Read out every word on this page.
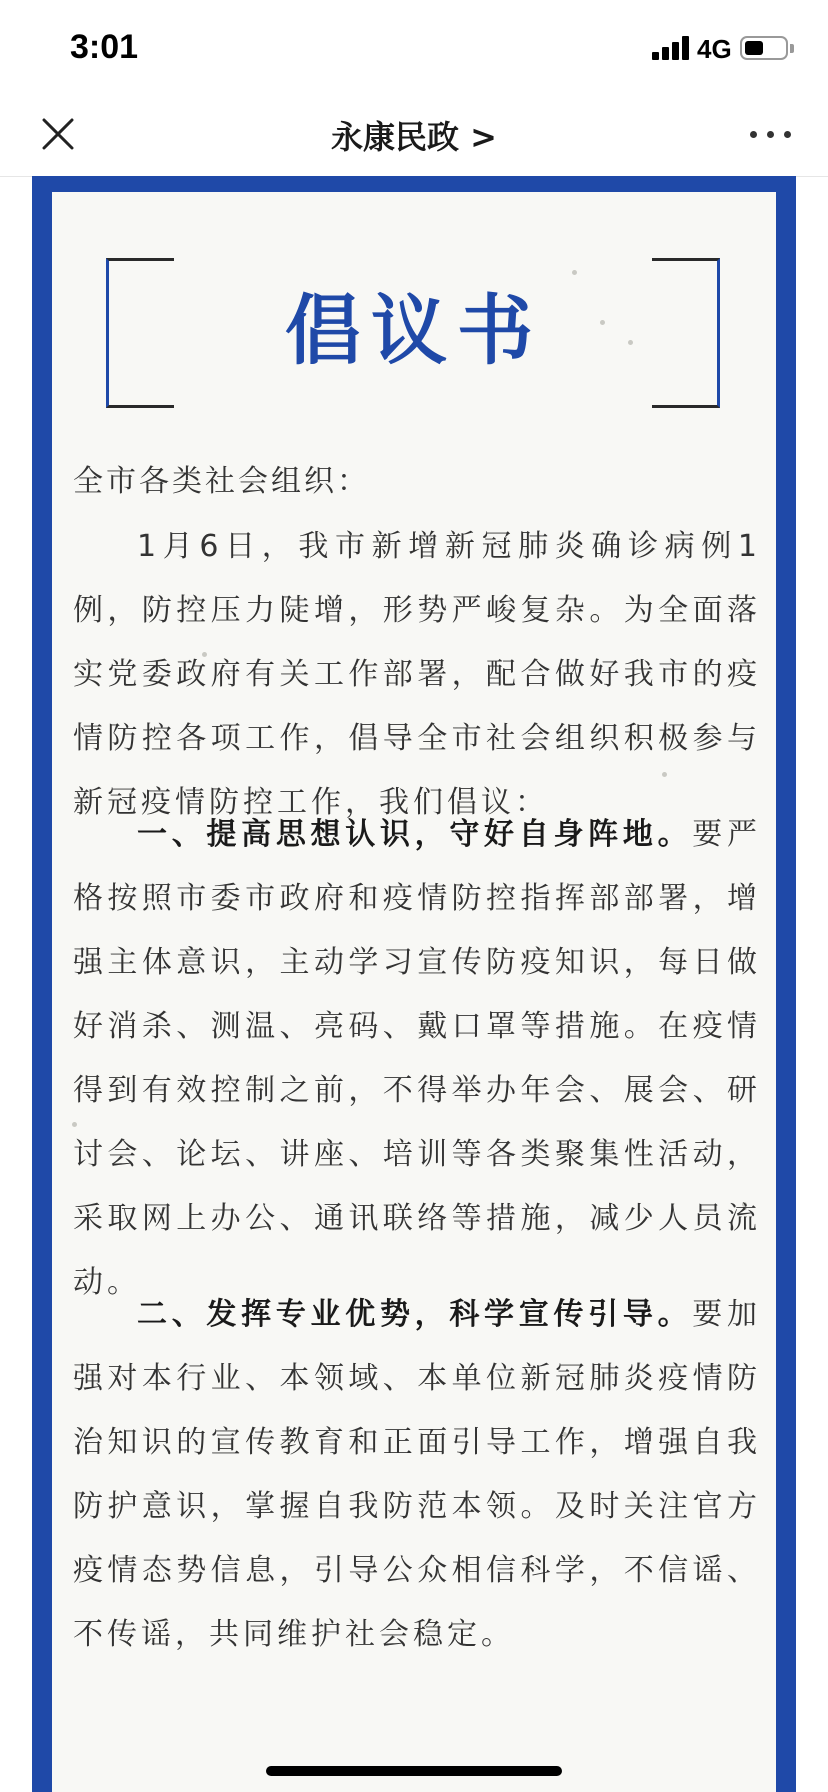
3:01	4G
永康民政 >
倡议书
全市各类社会组织：

1月6日，我市新增新冠肺炎确诊病例1例，防控压力陡增，形势严峻复杂。为全面落实党委政府有关工作部署，配合做好我市的疫情防控各项工作，倡导全市社会组织积极参与新冠疫情防控工作，我们倡议：

一、提高思想认识，守好自身阵地。要严格按照市委市政府和疫情防控指挥部部署，增强主体意识，主动学习宣传防疫知识，每日做好消杀、测温、亮码、戴口罩等措施。在疫情得到有效控制之前，不得举办年会、展会、研讨会、论坛、讲座、培训等各类聚集性活动，采取网上办公、通讯联络等措施，减少人员流动。

二、发挥专业优势，科学宣传引导。要加强对本行业、本领域、本单位新冠肺炎疫情防治知识的宣传教育和正面引导工作，增强自我防护意识，掌握自我防范本领。及时关注官方疫情态势信息，引导公众相信科学，不信谣、不传谣，共同维护社会稳定。
